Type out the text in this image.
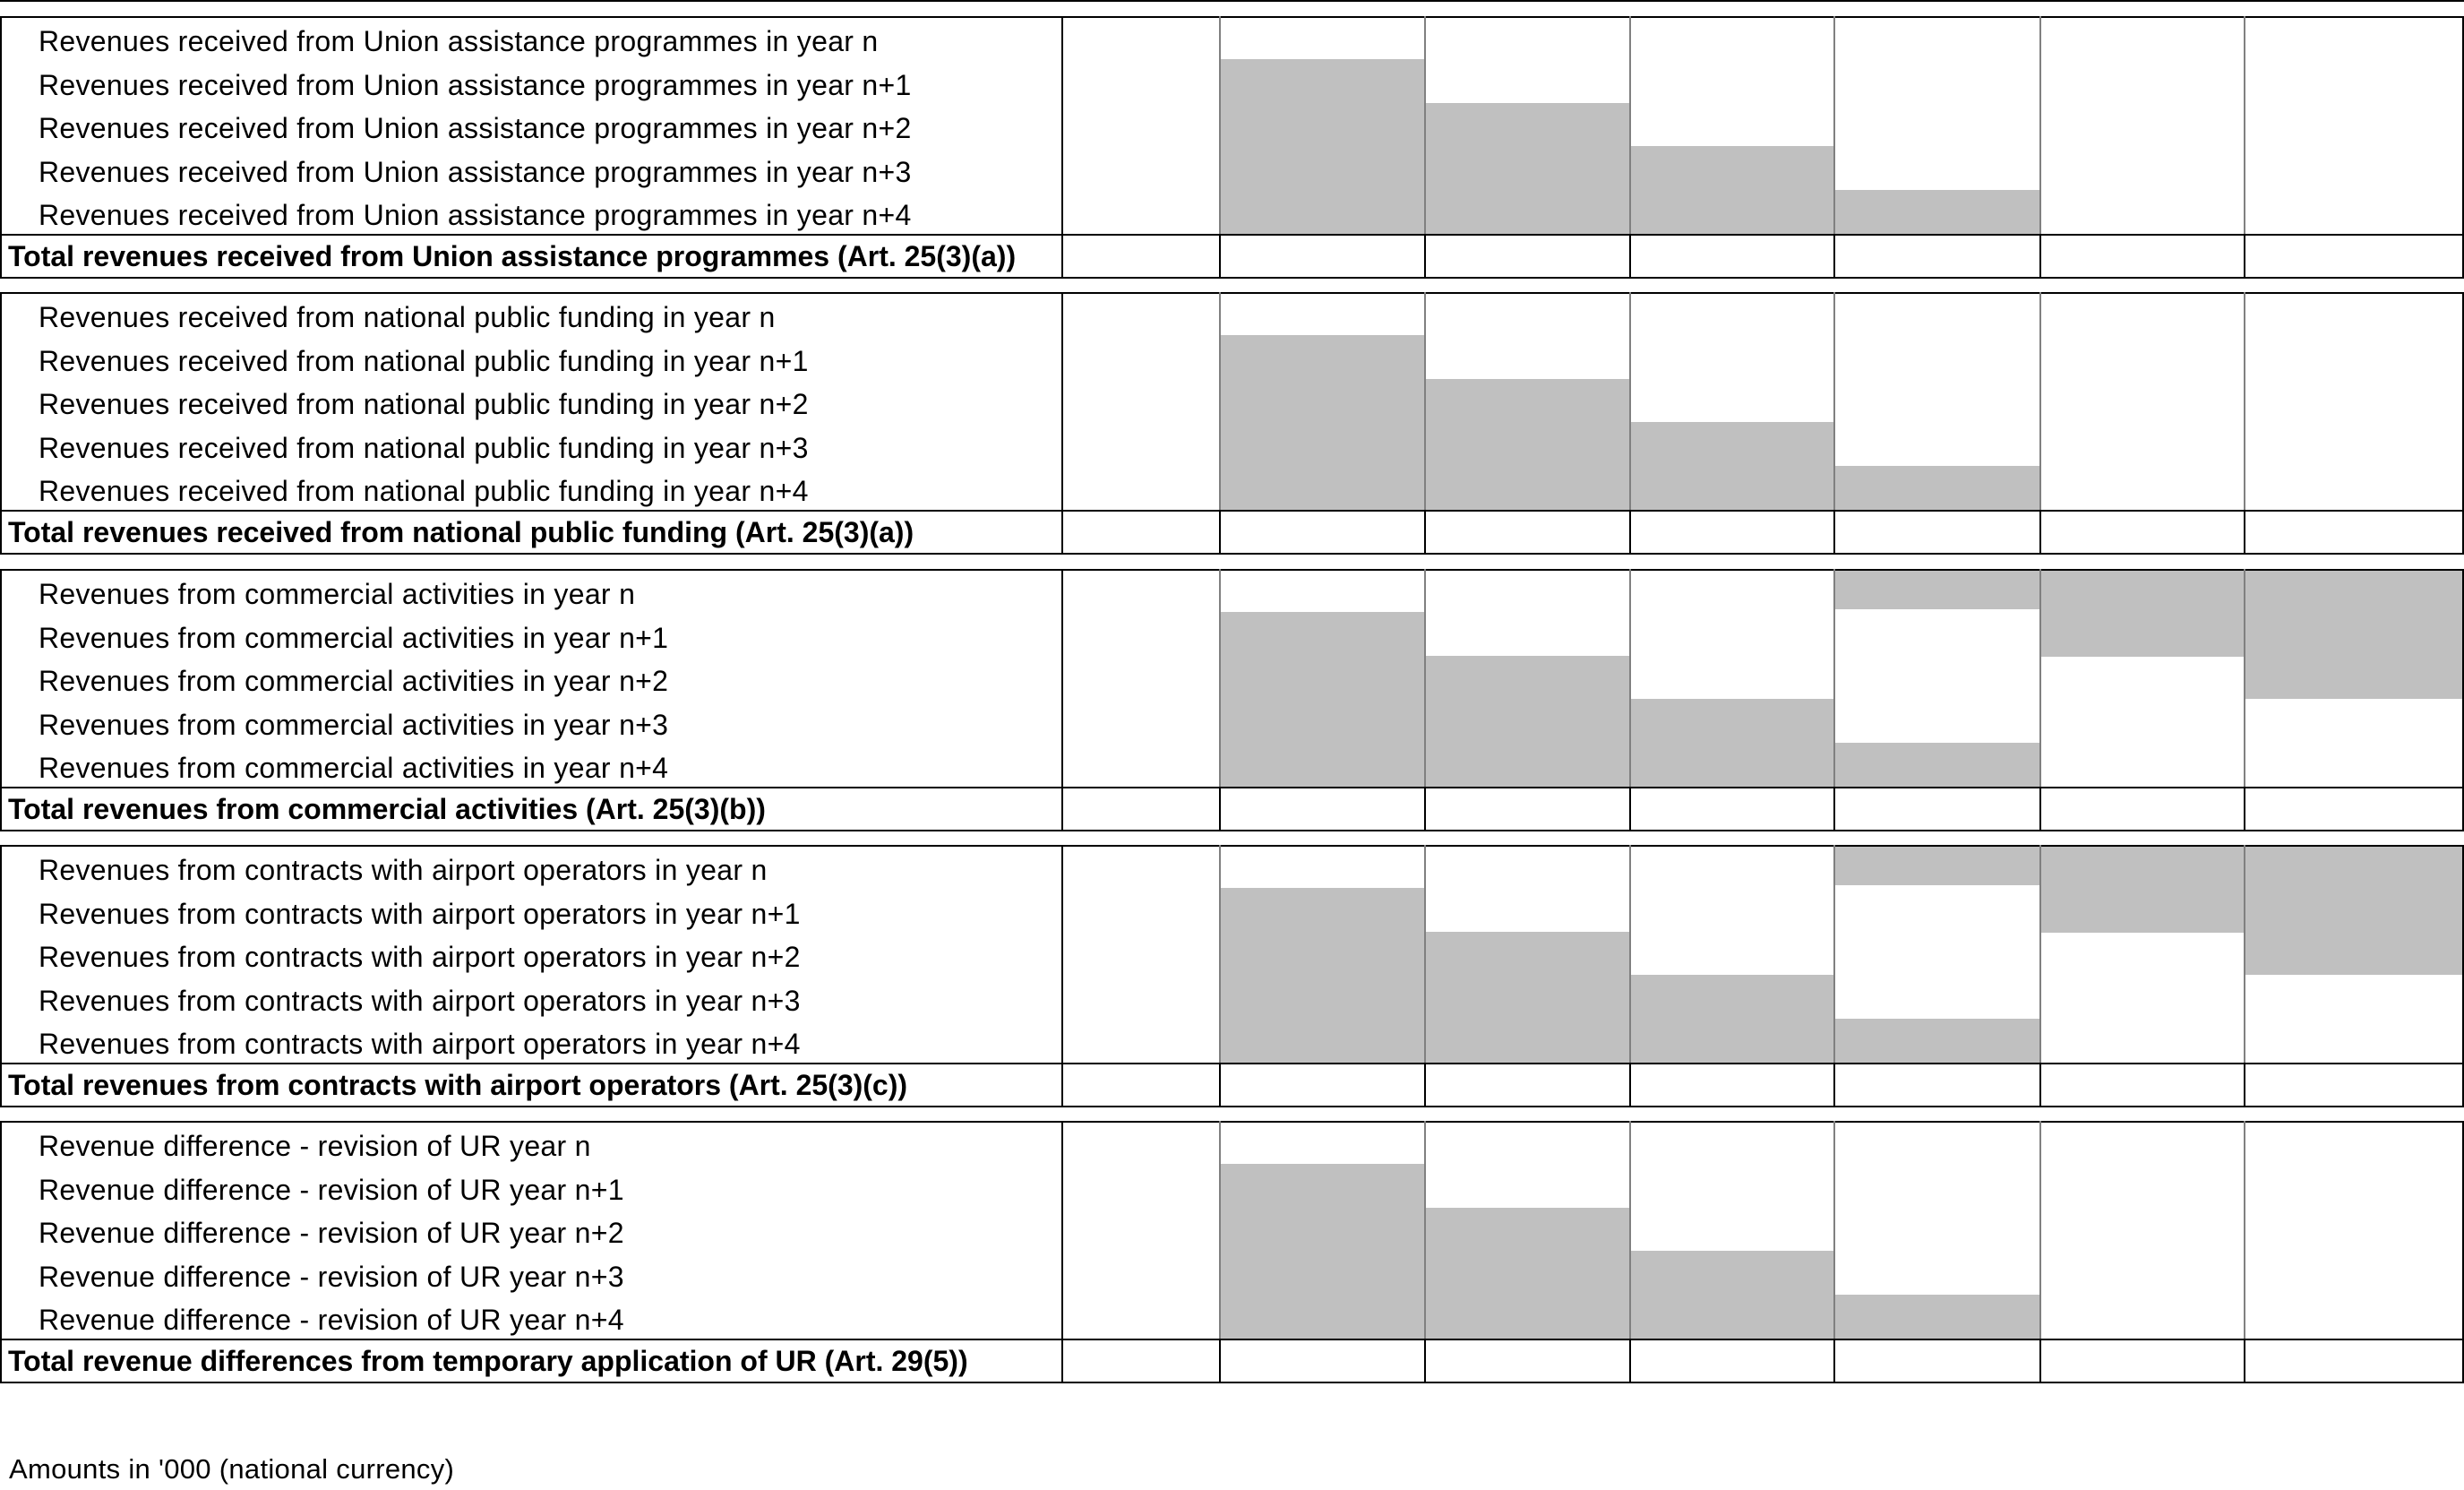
Revenues received from Union assistance programmes in year n
Revenues received from Union assistance programmes in year n+1
Revenues received from Union assistance programmes in year n+2
Revenues received from Union assistance programmes in year n+3
Revenues received from Union assistance programmes in year n+4
Total revenues received from Union assistance programmes (Art. 25(3)(a))
Revenues received from national public funding in year n
Revenues received from national public funding in year n+1
Revenues received from national public funding in year n+2
Revenues received from national public funding in year n+3
Revenues received from national public funding in year n+4
Total revenues received from national public funding (Art. 25(3)(a))
Revenues from commercial activities in year n
Revenues from commercial activities in year n+1
Revenues from commercial activities in year n+2
Revenues from commercial activities in year n+3
Revenues from commercial activities in year n+4
Total revenues from commercial activities (Art. 25(3)(b))
Revenues from contracts with airport operators in year n
Revenues from contracts with airport operators in year n+1
Revenues from contracts with airport operators in year n+2
Revenues from contracts with airport operators in year n+3
Revenues from contracts with airport operators in year n+4
Total revenues from contracts with airport operators (Art. 25(3)(c))
Revenue difference - revision of UR year n
Revenue difference - revision of UR year n+1
Revenue difference - revision of UR year n+2
Revenue difference - revision of UR year n+3
Revenue difference - revision of UR year n+4
Total revenue differences from temporary application of UR (Art. 29(5))
Amounts in '000 (national currency)
